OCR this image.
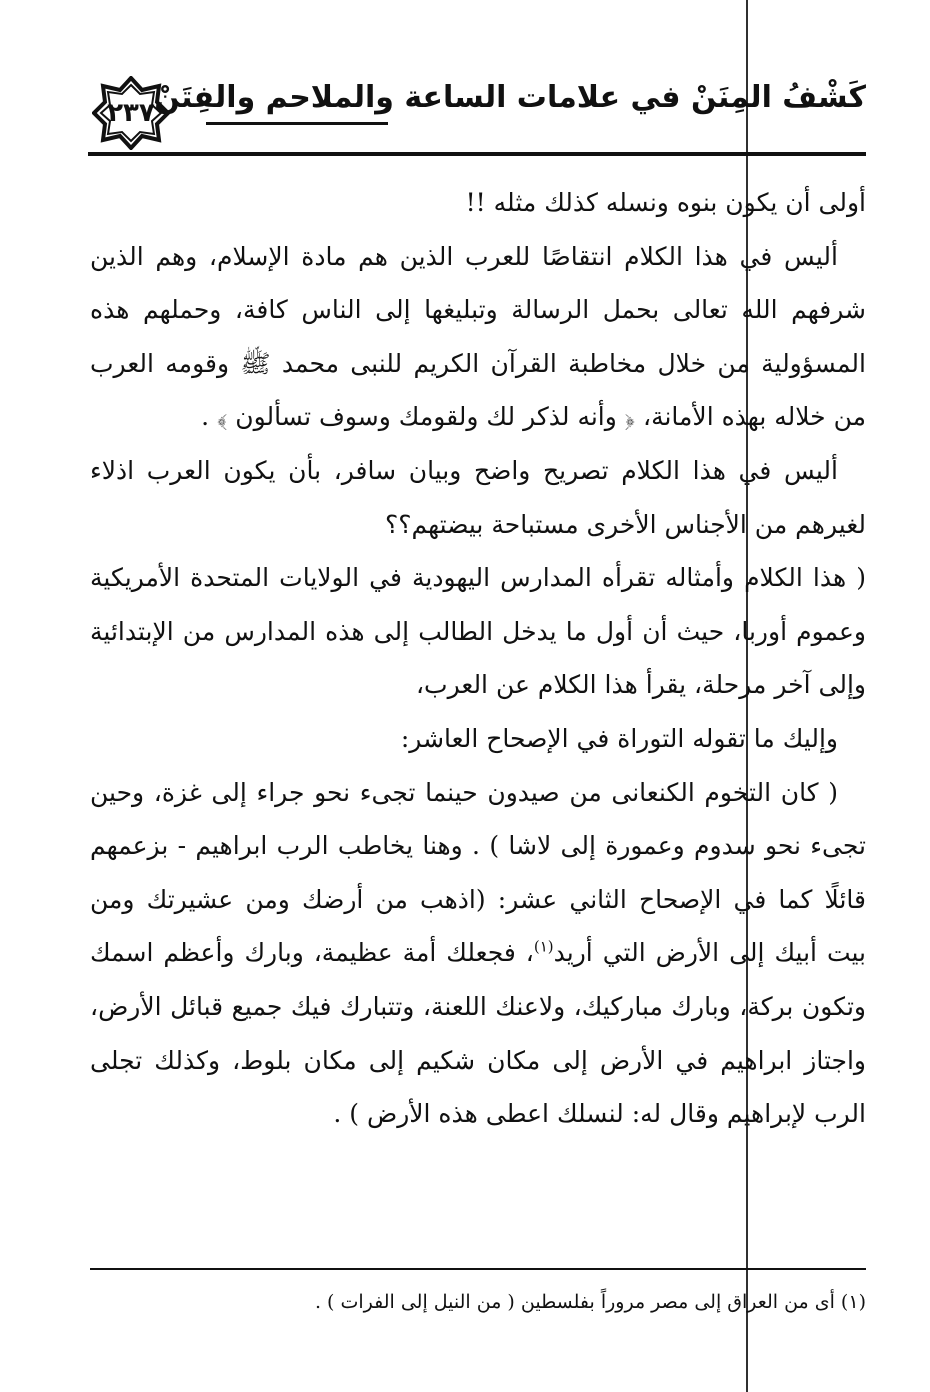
٢٣٧ كَشْفُ المِنَنْ في علامات الساعة والملاحم والفِتَنْ

أولى أن يكون بنوه ونسله كذلك مثله !!

أليس في هذا الكلام انتقاصًا للعرب الذين هم مادة الإسلام، وهم الذين شرفهم الله تعالى بحمل الرسالة وتبليغها إلى الناس كافة، وحملهم هذه المسؤولية من خلال مخاطبة القرآن الكريم للنبى محمد ﷺ وقومه العرب من خلاله بهذه الأمانة، ﴿ وأنه لذكر لك ولقومك وسوف تسألون ﴾ .

أليس في هذا الكلام تصريح واضح وبيان سافر، بأن يكون العرب اذلاء لغيرهم من الأجناس الأخرى مستباحة بيضتهم؟؟

( هذا الكلام وأمثاله تقرأه المدارس اليهودية في الولايات المتحدة الأمريكية وعموم أوربا، حيث أن أول ما يدخل الطالب إلى هذه المدارس من الإبتدائية وإلى آخر مرحلة، يقرأ هذا الكلام عن العرب،

وإليك ما تقوله التوراة في الإصحاح العاشر:

( كان التخوم الكنعانى من صيدون حينما تجىء نحو جراء إلى غزة، وحين تجىء نحو سدوم وعمورة إلى لاشا ) . وهنا يخاطب الرب ابراهيم - بزعمهم قائلًا كما في الإصحاح الثاني عشر: (اذهب من أرضك ومن عشيرتك ومن بيت أبيك إلى الأرض التي أريد$^{(١)}$، فجعلك أمة عظيمة، وبارك وأعظم اسمك وتكون بركة، وبارك مباركيك، ولاعنك اللعنة، وتتبارك فيك جميع قبائل الأرض، واجتاز ابراهيم في الأرض إلى مكان شكيم إلى مكان بلوط، وكذلك تجلى الرب لإبراهيم وقال له: لنسلك اعطى هذه الأرض ) .

(١) أى من العراق إلى مصر مروراً بفلسطين ( من النيل إلى الفرات ) .
